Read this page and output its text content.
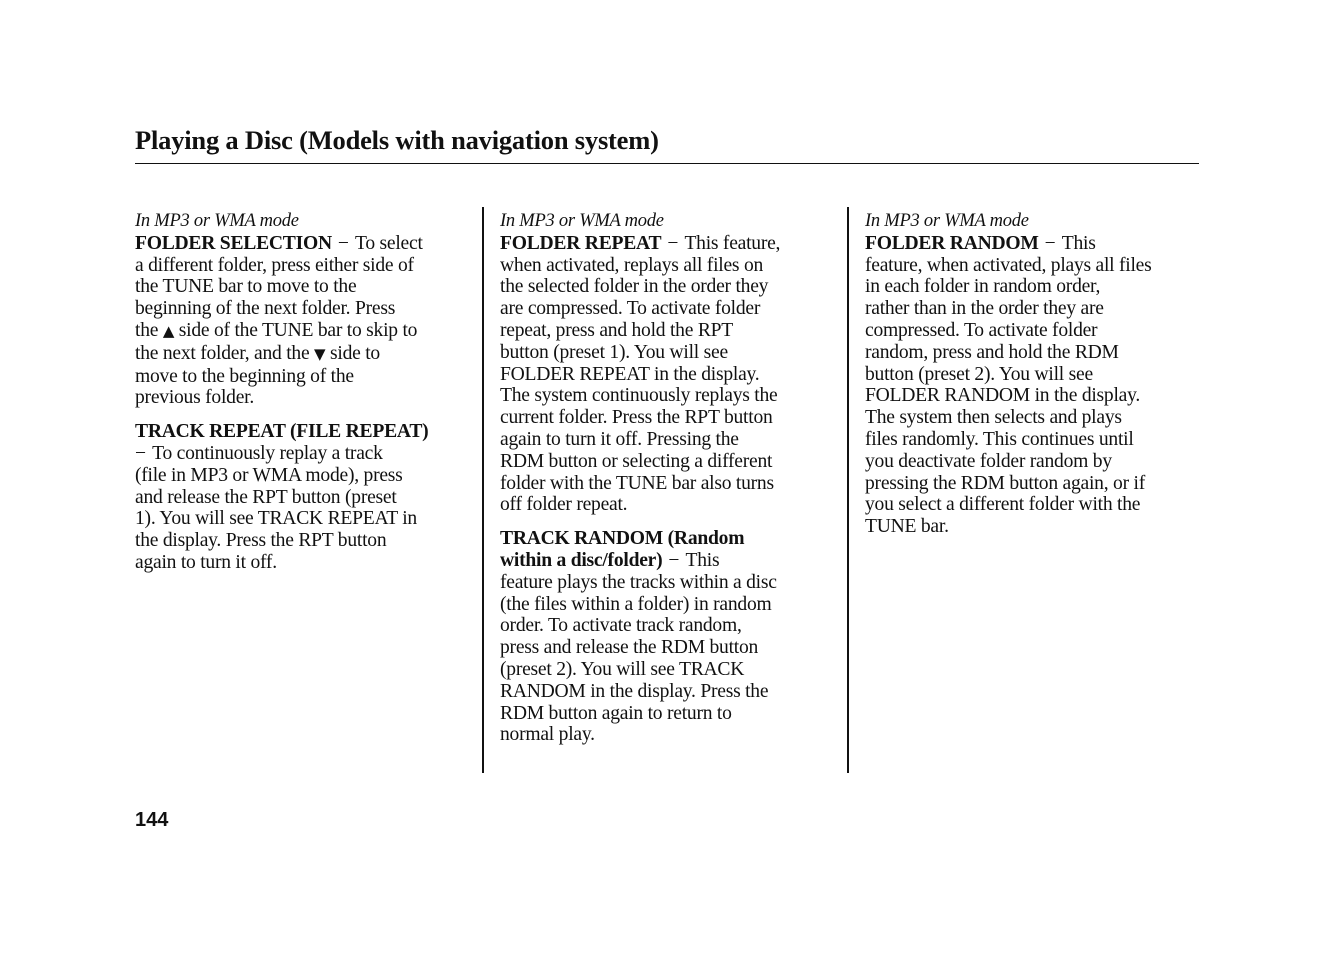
Playing a Disc (Models with navigation system)
In MP3 or WMA mode
FOLDER SELECTION − To select
a different folder, press either side of
the TUNE bar to move to the
beginning of the next folder. Press
the ▲ side of the TUNE bar to skip to
the next folder, and the ▼ side to
move to the beginning of the
previous folder.
TRACK REPEAT (FILE REPEAT)
− To continuously replay a track
(file in MP3 or WMA mode), press
and release the RPT button (preset
1). You will see TRACK REPEAT in
the display. Press the RPT button
again to turn it off.
In MP3 or WMA mode
FOLDER REPEAT − This feature,
when activated, replays all files on
the selected folder in the order they
are compressed. To activate folder
repeat, press and hold the RPT
button (preset 1). You will see
FOLDER REPEAT in the display.
The system continuously replays the
current folder. Press the RPT button
again to turn it off. Pressing the
RDM button or selecting a different
folder with the TUNE bar also turns
off folder repeat.
TRACK RANDOM (Random
within a disc/folder) − This
feature plays the tracks within a disc
(the files within a folder) in random
order. To activate track random,
press and release the RDM button
(preset 2). You will see TRACK
RANDOM in the display. Press the
RDM button again to return to
normal play.
In MP3 or WMA mode
FOLDER RANDOM − This
feature, when activated, plays all files
in each folder in random order,
rather than in the order they are
compressed. To activate folder
random, press and hold the RDM
button (preset 2). You will see
FOLDER RANDOM in the display.
The system then selects and plays
files randomly. This continues until
you deactivate folder random by
pressing the RDM button again, or if
you select a different folder with the
TUNE bar.
144
